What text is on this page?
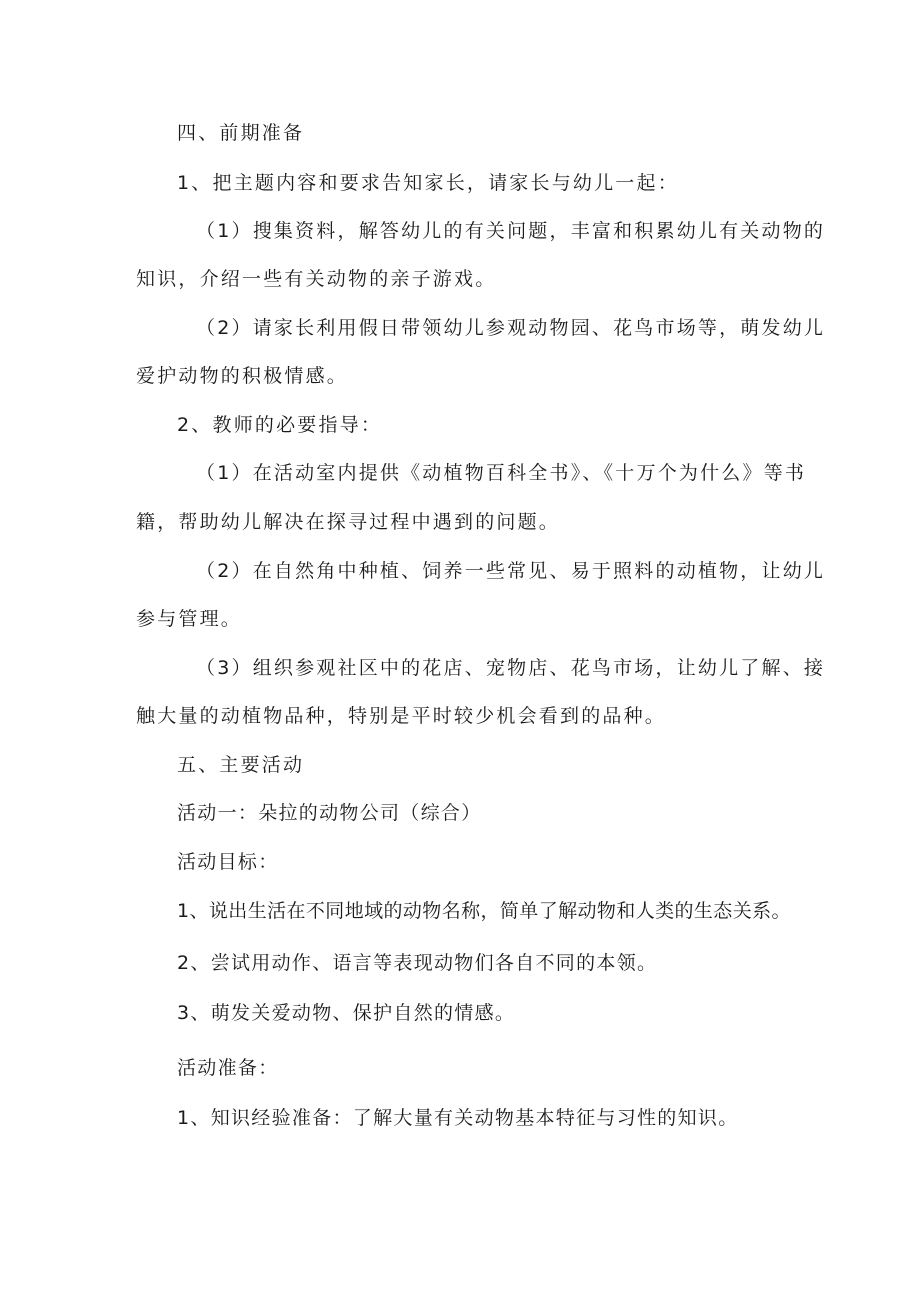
四、前期准备
1、把主题内容和要求告知家长，请家长与幼儿一起：
（1）搜集资料，解答幼儿的有关问题，丰富和积累幼儿有关动物的
知识，介绍一些有关动物的亲子游戏。
（2）请家长利用假日带领幼儿参观动物园、花鸟市场等，萌发幼儿
爱护动物的积极情感。
2、教师的必要指导：
（1）在活动室内提供《动植物百科全书》、《十万个为什么》等书
籍，帮助幼儿解决在探寻过程中遇到的问题。
（2）在自然角中种植、饲养一些常见、易于照料的动植物，让幼儿
参与管理。
（3）组织参观社区中的花店、宠物店、花鸟市场，让幼儿了解、接
触大量的动植物品种，特别是平时较少机会看到的品种。
五、主要活动
活动一：朵拉的动物公司（综合）
活动目标：
1、说出生活在不同地域的动物名称，简单了解动物和人类的生态关系。
2、尝试用动作、语言等表现动物们各自不同的本领。
3、萌发关爱动物、保护自然的情感。
活动准备：
1、知识经验准备：了解大量有关动物基本特征与习性的知识。
